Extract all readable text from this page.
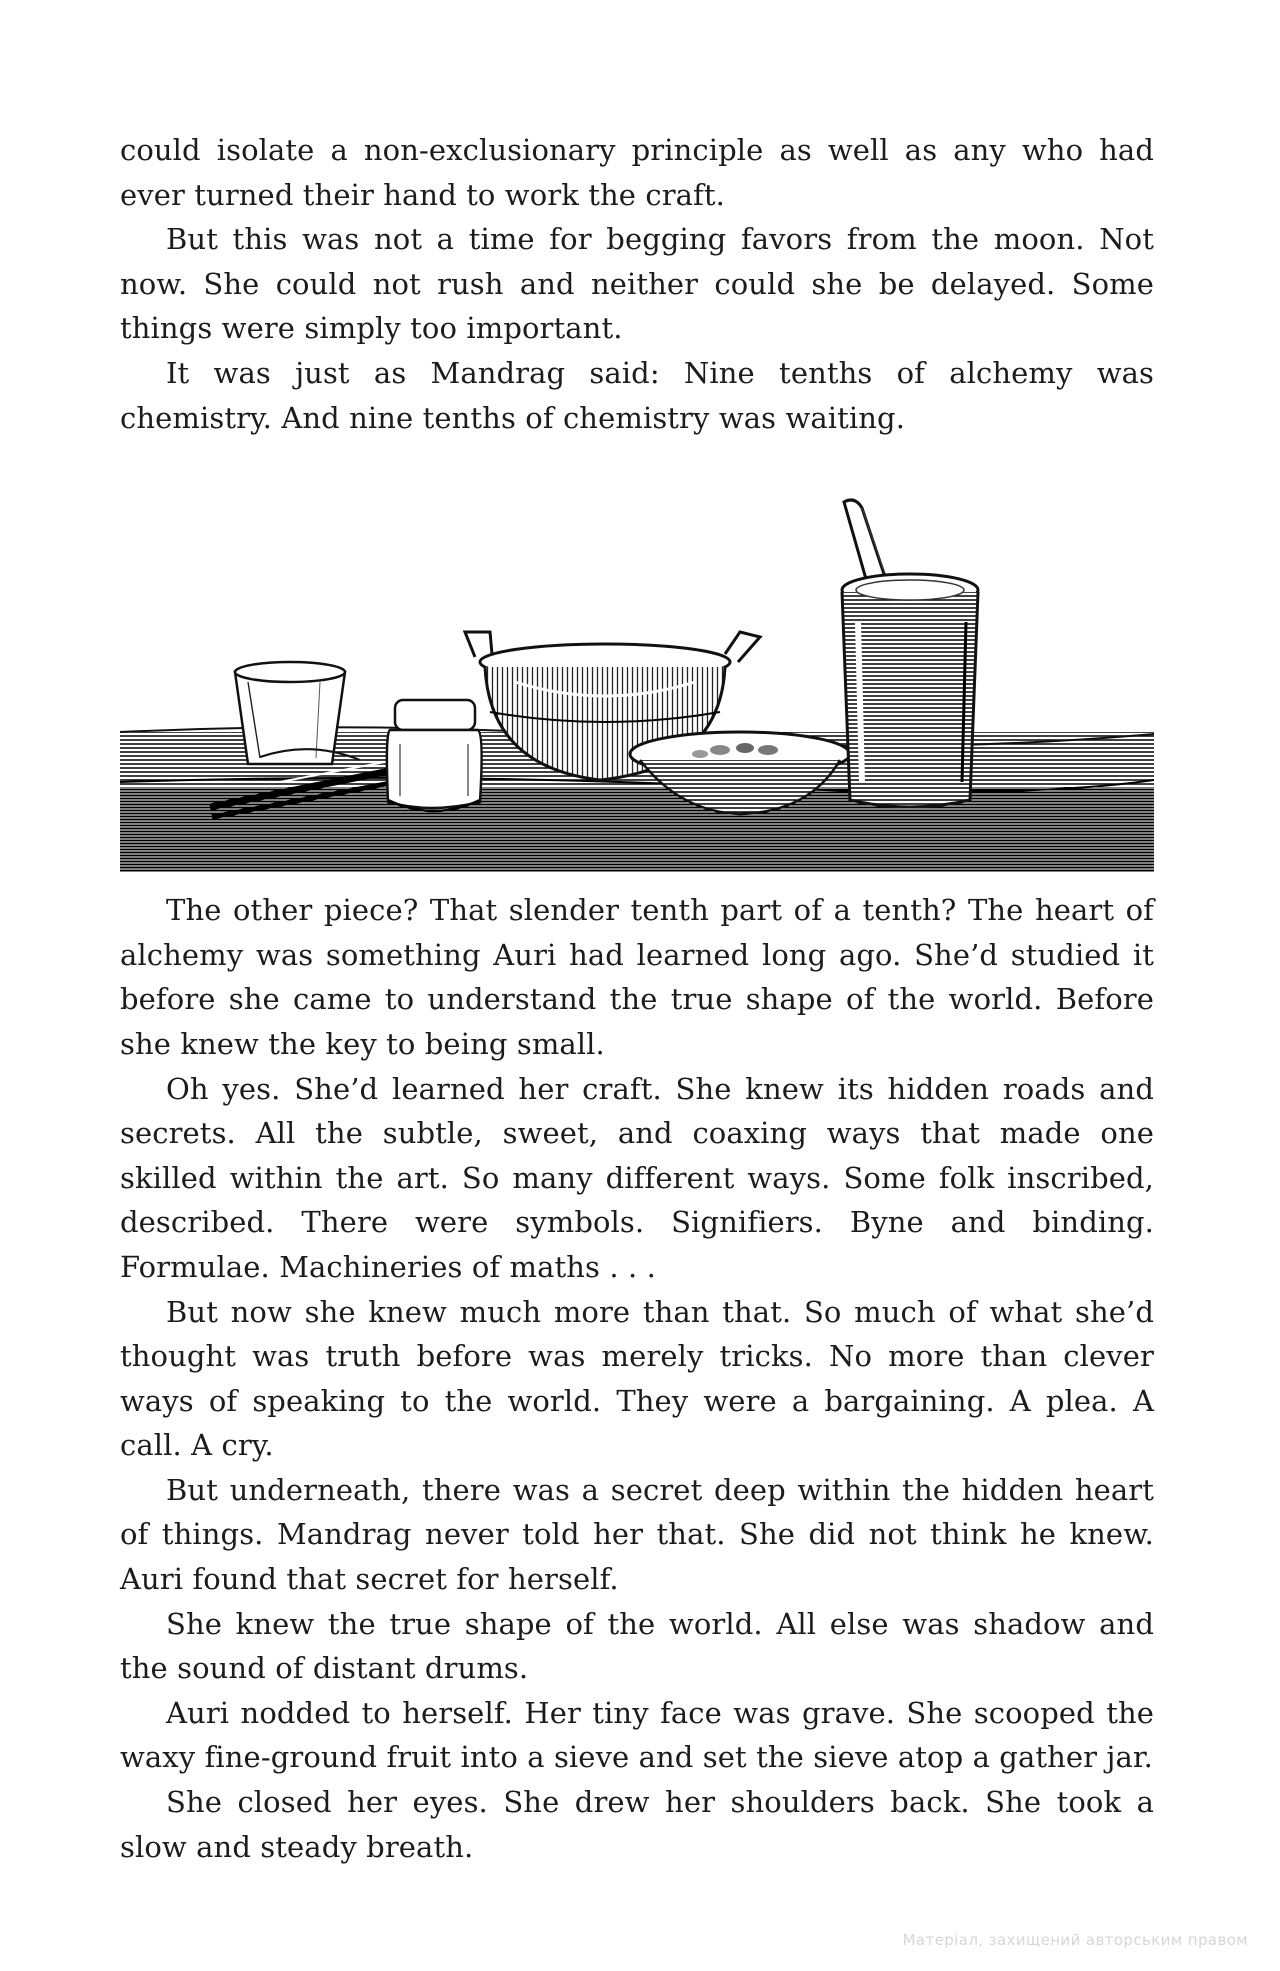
could isolate a non-exclusionary principle as well as any who had ever turned their hand to work the craft.

But this was not a time for begging favors from the moon. Not now. She could not rush and neither could she be delayed. Some things were simply too important.

It was just as Mandrag said: Nine tenths of alchemy was chemistry. And nine tenths of chemistry was waiting.

The other piece? That slender tenth part of a tenth? The heart of alchemy was something Auri had learned long ago. She’d studied it before she came to understand the true shape of the world. Before she knew the key to being small.

Oh yes. She’d learned her craft. She knew its hidden roads and secrets. All the subtle, sweet, and coaxing ways that made one skilled within the art. So many different ways. Some folk inscribed, described. There were symbols. Signifiers. Byne and binding. Formulae. Machineries of maths . . .

But now she knew much more than that. So much of what she’d thought was truth before was merely tricks. No more than clever ways of speaking to the world. They were a bargaining. A plea. A call. A cry.

But underneath, there was a secret deep within the hidden heart of things. Mandrag never told her that. She did not think he knew. Auri found that secret for herself.

She knew the true shape of the world. All else was shadow and the sound of distant drums.

Auri nodded to herself. Her tiny face was grave. She scooped the waxy fine-ground fruit into a sieve and set the sieve atop a gather jar.

She closed her eyes. She drew her shoulders back. She took a slow and steady breath.

Матеріал, захищений авторським правом
